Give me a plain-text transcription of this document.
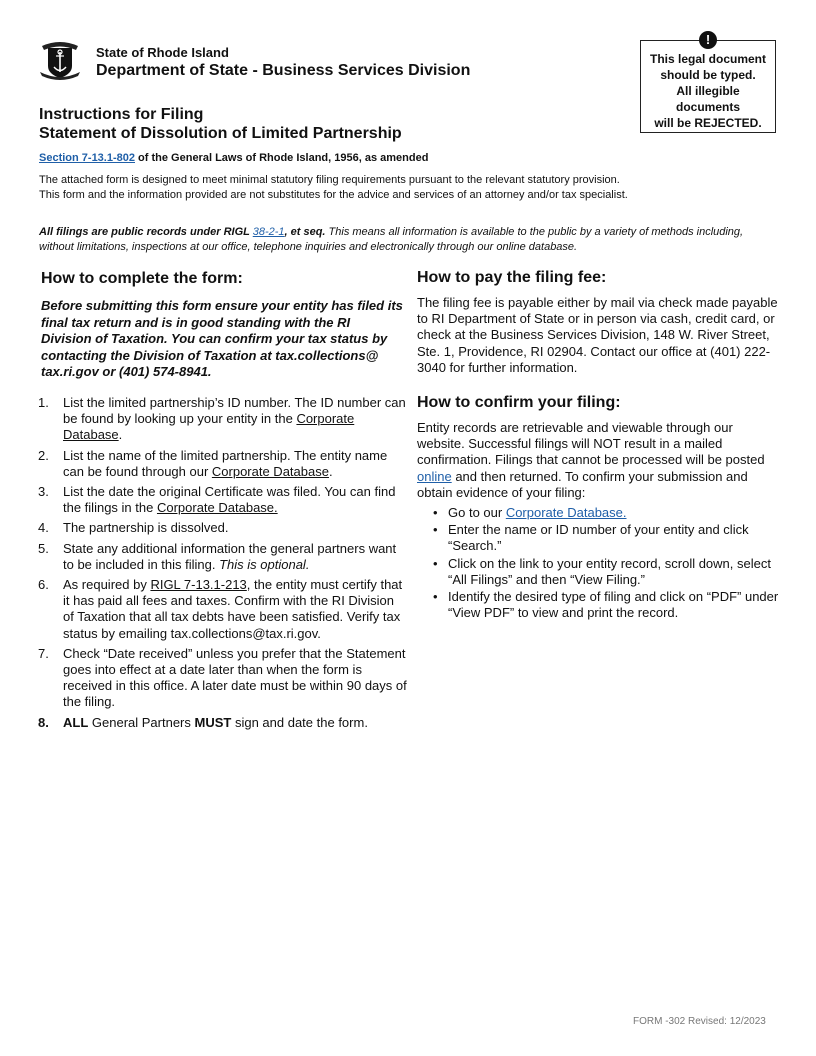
State of Rhode Island
Department of State - Business Services Division
!
This legal document
should be typed.
All illegible
documents
will be REJECTED.
Instructions for Filing
Statement of Dissolution of Limited Partnership
Section 7-13.1-802 of the General Laws of Rhode Island, 1956, as amended
The attached form is designed to meet minimal statutory filing requirements pursuant to the relevant statutory provision.
This form and the information provided are not substitutes for the advice and services of an attorney and/or tax specialist.
All filings are public records under RIGL 38-2-1, et seq. This means all information is available to the public by a variety of methods including, without limitations, inspections at our office, telephone inquiries and electronically through our online database.
How to complete the form:
Before submitting this form ensure your entity has filed its final tax return and is in good standing with the RI Division of Taxation. You can confirm your tax status by contacting the Division of Taxation at tax.collections@ tax.ri.gov or (401) 574-8941.
1.	List the limited partnership’s ID number. The ID number can be found by looking up your entity in the Corporate Database.
2.	List the name of the limited partnership. The entity name can be found through our Corporate Database.
3.	List the date the original Certificate was filed. You can find the filings in the Corporate Database.
4.	The partnership is dissolved.
5.	State any additional information the general partners want to be included in this filing. This is optional.
6.	As required by RIGL 7-13.1-213, the entity must certify that it has paid all fees and taxes. Confirm with the RI Division of Taxation that all tax debts have been satisfied. Verify tax status by emailing tax.collections@tax.ri.gov.
7.	Check “Date received” unless you prefer that the Statement goes into effect at a date later than when the form is received in this office. A later date must be within 90 days of the filing.
8.	ALL General Partners MUST sign and date the form.
How to pay the filing fee:
The filing fee is payable either by mail via check made payable to RI Department of State or in person via cash, credit card, or check at the Business Services Division, 148 W. River Street, Ste. 1, Providence, RI 02904. Contact our office at (401) 222-3040 for further information.
How to confirm your filing:
Entity records are retrievable and viewable through our website. Successful filings will NOT result in a mailed confirmation. Filings that cannot be processed will be posted online and then returned. To confirm your submission and obtain evidence of your filing:
• Go to our Corporate Database.
• Enter the name or ID number of your entity and click “Search.”
• Click on the link to your entity record, scroll down, select “All Filings” and then “View Filing.”
• Identify the desired type of filing and click on “PDF” under “View PDF” to view and print the record.
FORM -302 Revised: 12/2023
